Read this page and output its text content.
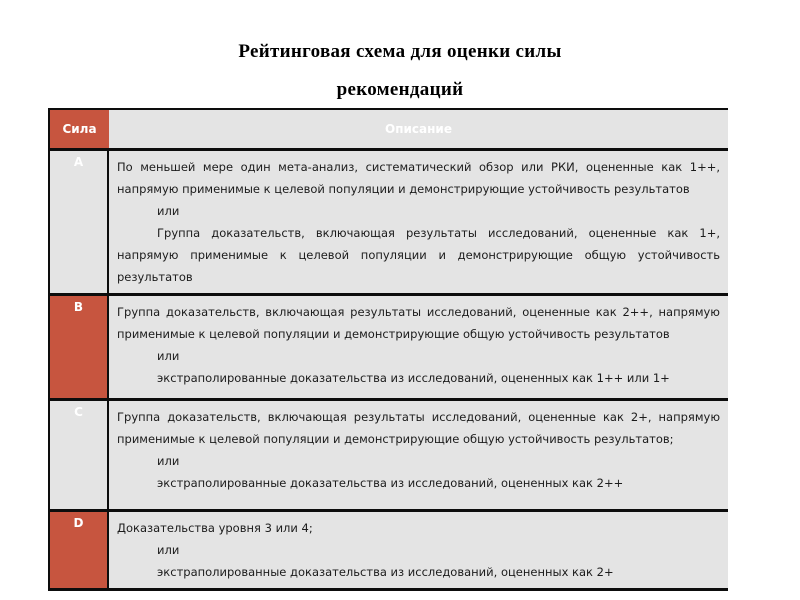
Рейтинговая схема для оценки силы
рекомендаций
Сила	Описание
А	По меньшей мере один мета-анализ, систематический обзор или РКИ, оцененные как 1++, напрямую применимые к целевой популяции и демонстрирующие устойчивость результатов

или

Группа доказательств, включающая результаты исследований, оцененные как 1+, напрямую применимые к целевой популяции и демонстрирующие общую устойчивость результатов

В	Группа доказательств, включающая результаты исследований, оцененные как 2++, напрямую применимые к целевой популяции и демонстрирующие общую устойчивость результатов

или

экстраполированные доказательства из исследований, оцененных как 1++ или 1+

С	Группа доказательств, включающая результаты исследований, оцененные как 2+, напрямую применимые к целевой популяции и демонстрирующие общую устойчивость результатов;

или

экстраполированные доказательства из исследований, оцененных как 2++

D	Доказательства уровня 3 или 4;

или

экстраполированные доказательства из исследований, оцененных как 2+
